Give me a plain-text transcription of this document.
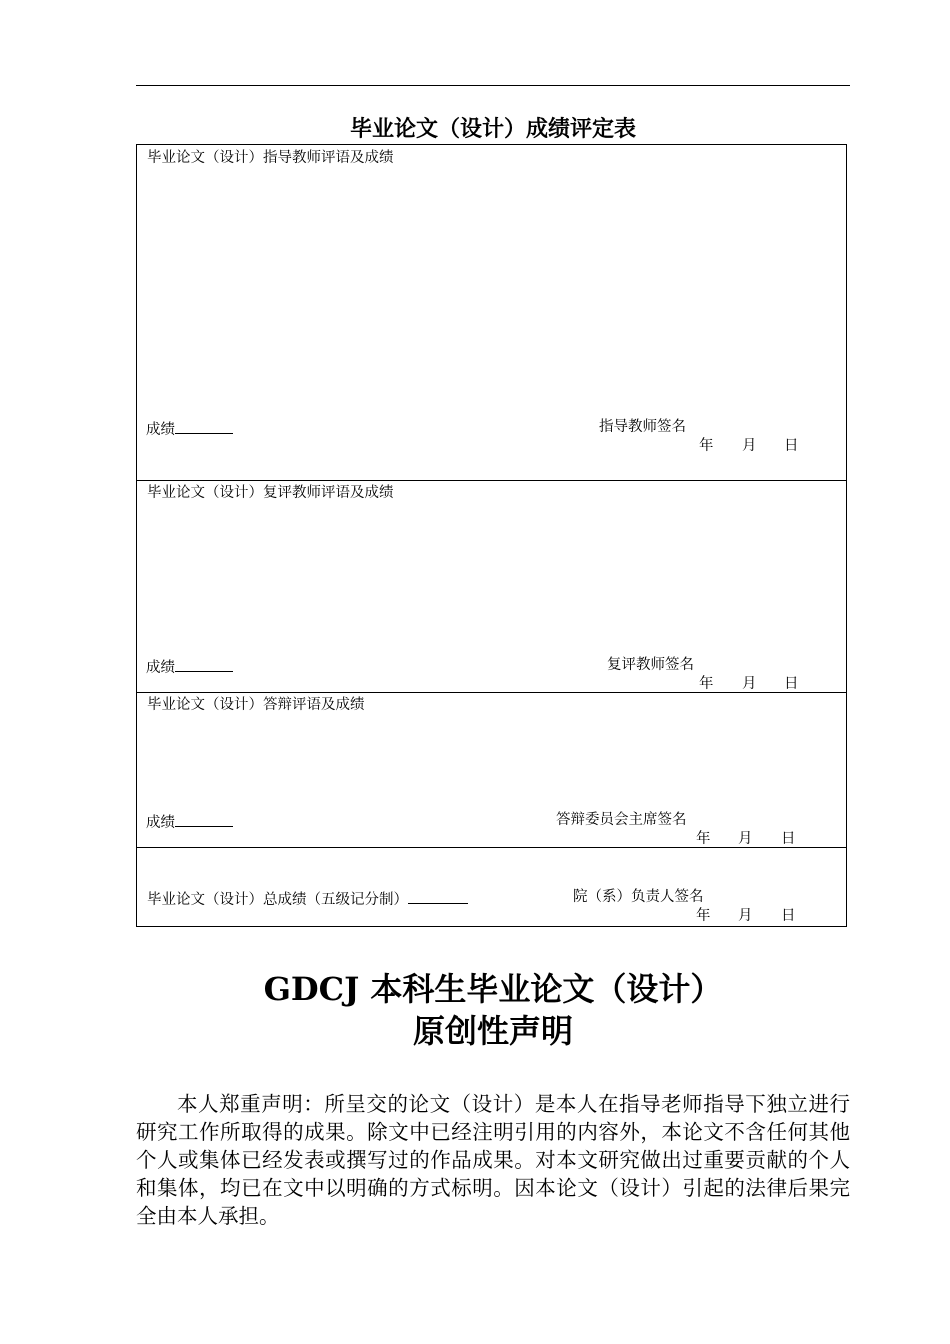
毕业论文（设计）成绩评定表
毕业论文（设计）指导教师评语及成绩
成绩	指导教师签名
年 月 日
毕业论文（设计）复评教师评语及成绩
成绩	复评教师签名
年 月 日
毕业论文（设计）答辩评语及成绩
成绩	答辩委员会主席签名
年 月 日
毕业论文（设计）总成绩（五级记分制）	院（系）负责人签名
年 月 日
GDCJ 本科生毕业论文（设计）
原创性声明

本人郑重声明：所呈交的论文（设计）是本人在指导老师指导下独立进行研究工作所取得的成果。除文中已经注明引用的内容外，本论文不含任何其他个人或集体已经发表或撰写过的作品成果。对本文研究做出过重要贡献的个人和集体，均已在文中以明确的方式标明。因本论文（设计）引起的法律后果完全由本人承担。
